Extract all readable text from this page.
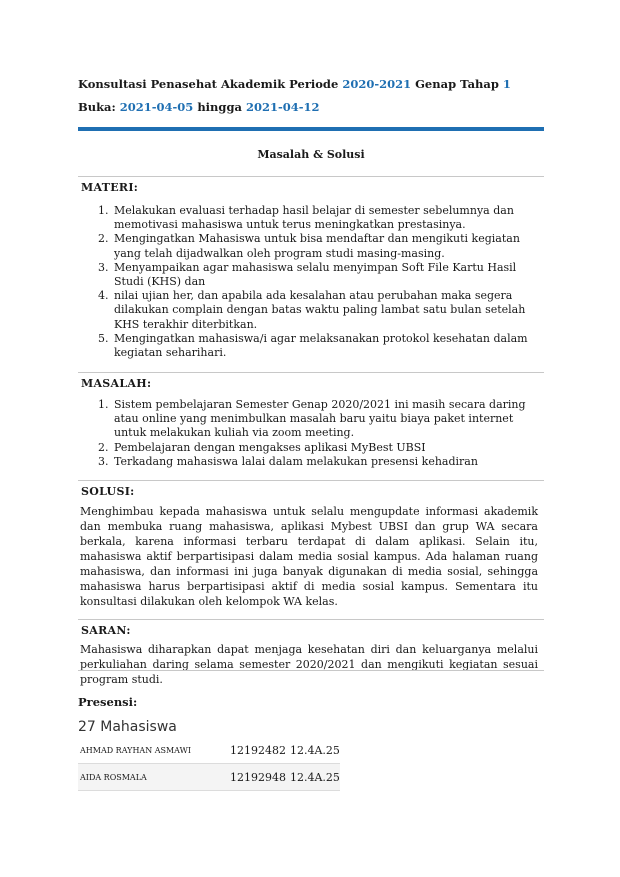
Konsultasi Penasehat Akademik Periode 2020-2021 Genap Tahap 1
Buka: 2021-04-05 hingga 2021-04-12
Masalah & Solusi
MATERI:
1. Melakukan evaluasi terhadap hasil belajar di semester sebelumnya dan memotivasi mahasiswa untuk terus meningkatkan prestasinya.
2. Mengingatkan Mahasiswa untuk bisa mendaftar dan mengikuti kegiatan yang telah dijadwalkan oleh program studi masing-masing.
3. Menyampaikan agar mahasiswa selalu menyimpan Soft File Kartu Hasil Studi (KHS) dan
4. nilai ujian her, dan apabila ada kesalahan atau perubahan maka segera dilakukan complain dengan batas waktu paling lambat satu bulan setelah KHS terakhir diterbitkan.
5. Mengingatkan mahasiswa/i agar melaksanakan protokol kesehatan dalam kegiatan seharihari.
MASALAH:
1. Sistem pembelajaran Semester Genap 2020/2021 ini masih secara daring atau online yang menimbulkan masalah baru yaitu biaya paket internet untuk melakukan kuliah via zoom meeting.
2. Pembelajaran dengan mengakses aplikasi MyBest UBSI
3. Terkadang mahasiswa lalai dalam melakukan presensi kehadiran
SOLUSI:
Menghimbau kepada mahasiswa untuk selalu mengupdate informasi akademik dan membuka ruang mahasiswa, aplikasi Mybest UBSI dan grup WA secara berkala, karena informasi terbaru terdapat di dalam aplikasi. Selain itu, mahasiswa aktif berpartisipasi dalam media sosial kampus. Ada halaman ruang mahasiswa, dan informasi ini juga banyak digunakan di media sosial, sehingga mahasiswa harus berpartisipasi aktif di media sosial kampus. Sementara itu konsultasi dilakukan oleh kelompok WA kelas.
SARAN:
Mahasiswa diharapkan dapat menjaga kesehatan diri dan keluarganya melalui perkuliahan daring selama semester 2020/2021 dan mengikuti kegiatan sesuai program studi.
Presensi:
27 Mahasiswa
AHMAD RAYHAN ASMAWI	12192482	12.4A.25
AIDA ROSMALA	12192948	12.4A.25
